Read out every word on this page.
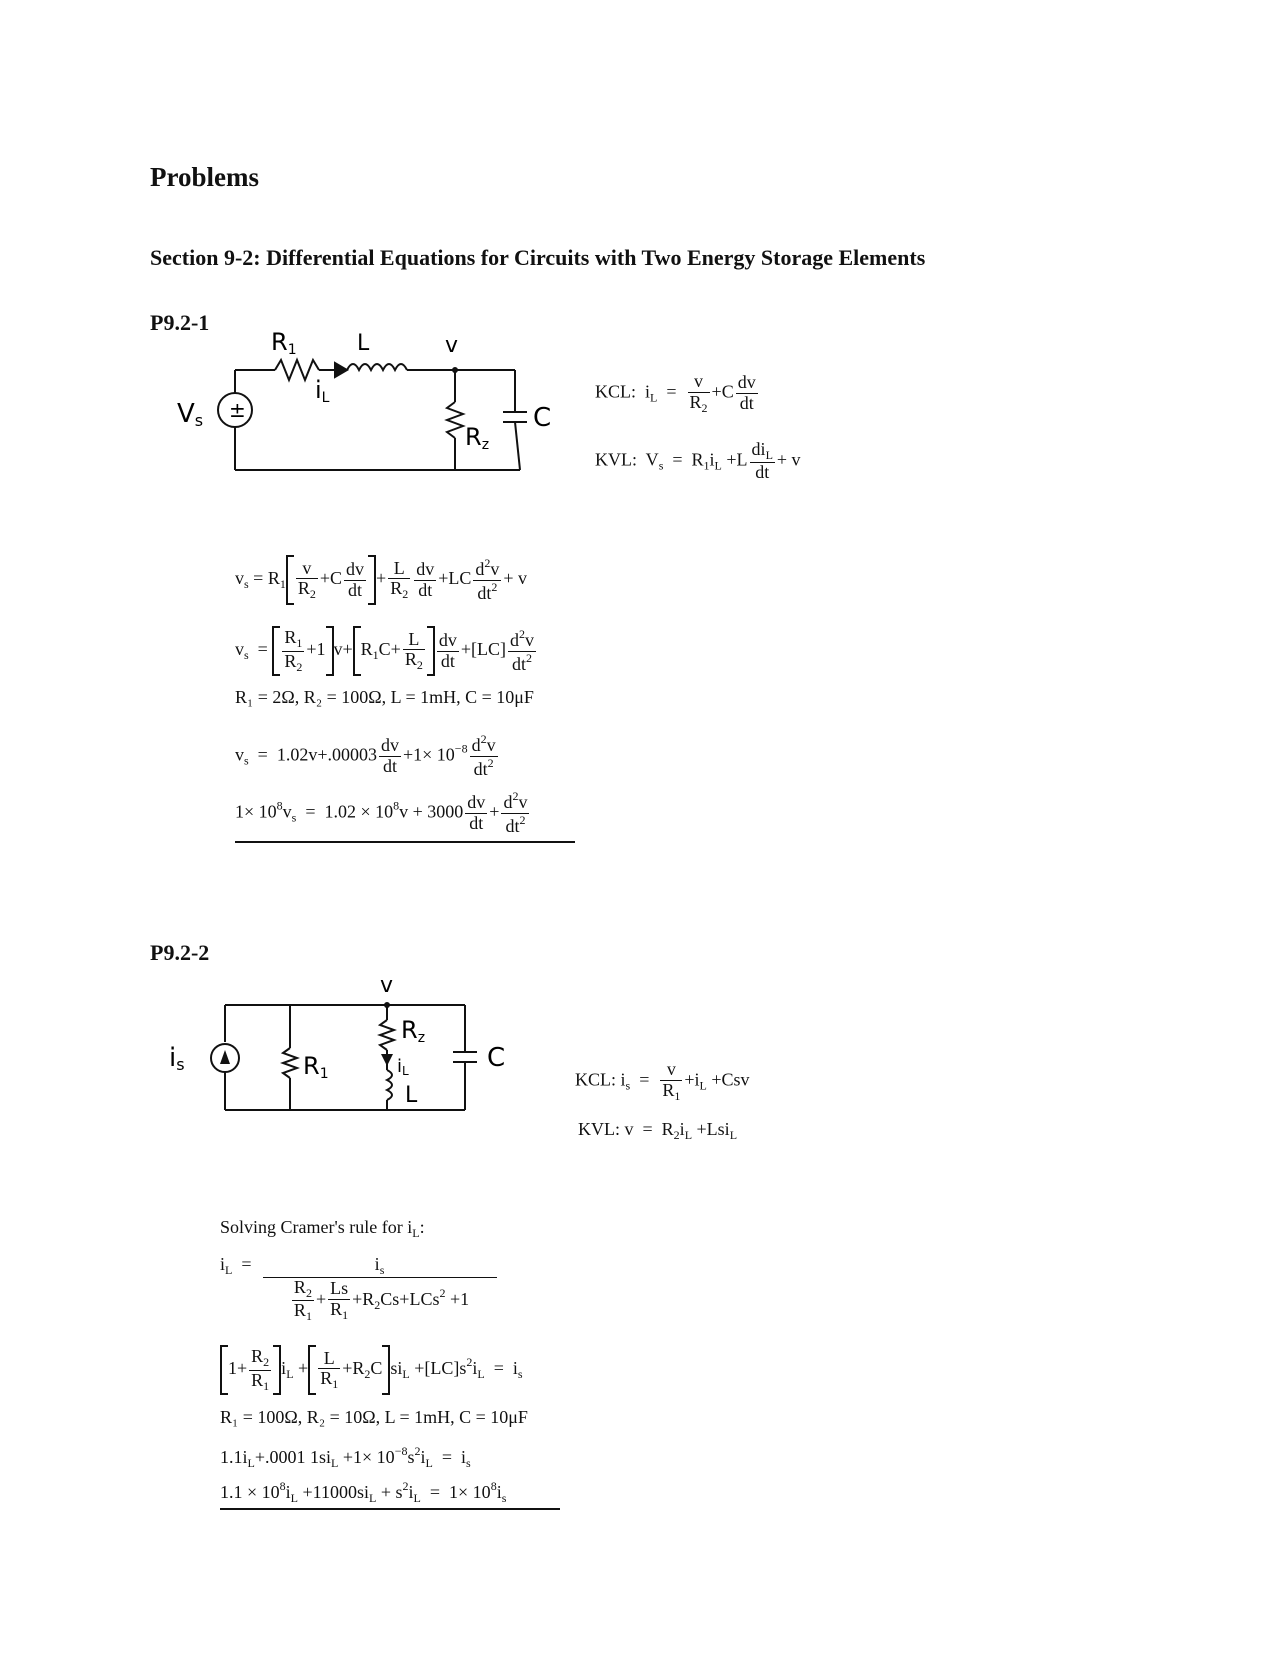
Problems
Section 9-2: Differential Equations for Circuits with Two Energy Storage Elements
P9.2-1
±
R1	L	v
iL
Vs
Rz
C
KCL:  $i_L = \frac{v}{R_2} +C \frac{dv}{dt}$
KVL:  $V_s = R_1i_L +L \frac{di_L}{dt} + v$
$v_s = R_1 \frac{v}{R_2} +C \frac{dv}{dt} + \frac{L}{R_2} \frac{dv}{dt} +LC \frac{d^2v}{dt^2} + v$
$v_s = \frac{R_1}{R_2} +1$ $v+ R_1C+ \frac{L}{R_2} \frac{dv}{dt} +[LC] \frac{d^2v}{dt^2}$
R₁ = 2Ω, R₂ = 100Ω, L = 1mH, C = 10μF
$v_s = 1.02v+.00003 \frac{dv}{dt} +1\times 10^{-8} \frac{d^2v}{dt^2}$
$1\times 10^8v_s = 1.02 \times 10^8v + 3000 \frac{dv}{dt} + \frac{d^2v}{dt^2}$
P9.2-2
v
is	R1
Rz
iL
L
C
KCL: $i_s = \frac{v}{R_1} +i_L +Csv$
KVL: $v = R_2i_L +Lsi_L$
Solving Cramer's rule for $i_L$:
$i_L = \frac{i_s}{\frac{R_2}{R_1} + \frac{Ls}{R_1} +R_2Cs+LCs^2 +1}$
$1+ \frac{R_2}{R_1} i_L + \frac{L}{R_1} +R_2C$ $si_L +[LC]s^2i_L = i_s$
R₁ = 100Ω, R₂ = 10Ω, L = 1mH, C = 10μF
$1.1i_L+.0001$ $1si_L +1\times 10^{-8}s^2i_L = i_s$
$1.1 \times 10^8i_L +11000si_L + s^2i_L = 1\times 10^8i_s$
